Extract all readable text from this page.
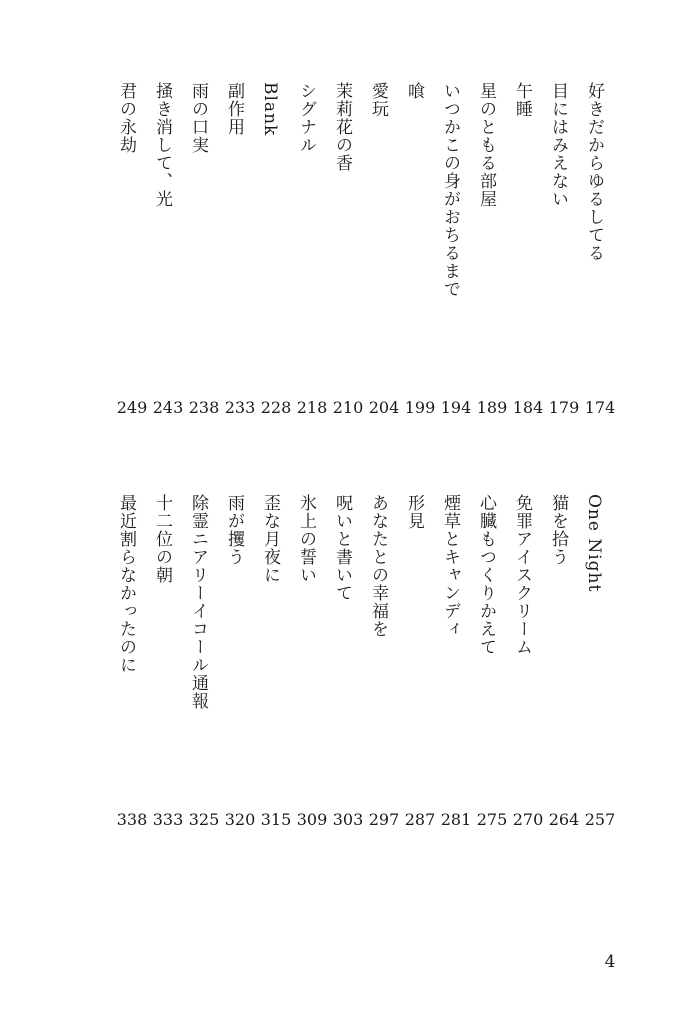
好きだからゆるしてる
174
目にはみえない
179
午睡
184
星のともる部屋
189
いつかこの身がおちるまで
194
喰
199
愛玩
204
茉莉花の香
210
シグナル
218
Blank
228
副作用
233
雨の口実
238
掻き消して、光
243
君の永劫
249
One Night
257
猫を拾う
264
免罪アイスクリーム
270
心臓もつくりかえて
275
煙草とキャンディ
281
形見
287
あなたとの幸福を
297
呪いと書いて
303
氷上の誓い
309
歪な月夜に
315
雨が攫う
320
除霊ニアリーイコール通報
325
十二位の朝
333
最近割らなかったのに
338
4
